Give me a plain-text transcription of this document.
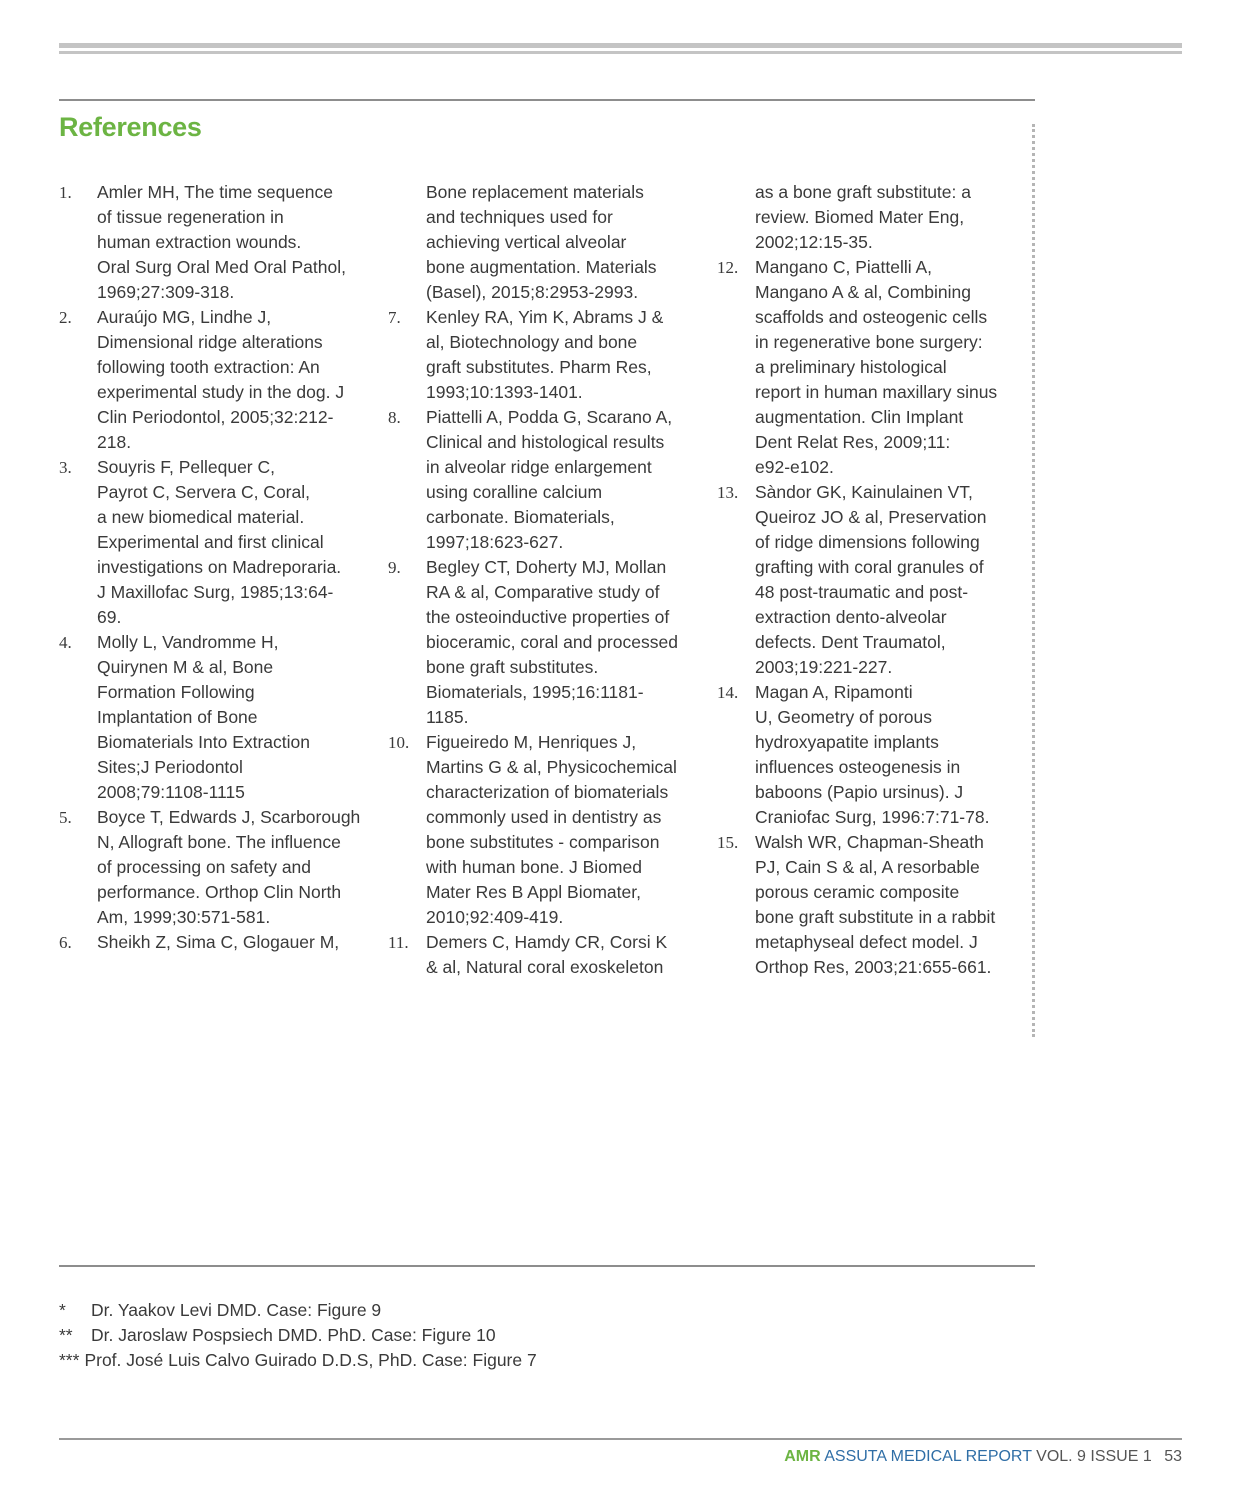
References
1. Amler MH, The time sequence
of tissue regeneration in
human extraction wounds.
Oral Surg Oral Med Oral Pathol,
1969;27:309-318.
2. Auraújo MG, Lindhe J,
Dimensional ridge alterations
following tooth extraction: An
experimental study in the dog. J
Clin Periodontol, 2005;32:212-
218.
3. Souyris F, Pellequer C,
Payrot C, Servera C, Coral,
a new biomedical material.
Experimental and first clinical
investigations on Madreporaria.
J Maxillofac Surg, 1985;13:64-
69.
4. Molly L, Vandromme H,
Quirynen M & al, Bone
Formation Following
Implantation of Bone
Biomaterials Into Extraction
Sites;J Periodontol
2008;79:1108-1115
5. Boyce T, Edwards J, Scarborough
N, Allograft bone. The influence
of processing on safety and
performance. Orthop Clin North
Am, 1999;30:571-581.
6. Sheikh Z, Sima C, Glogauer M,
Bone replacement materials
and techniques used for
achieving vertical alveolar
bone augmentation. Materials
(Basel), 2015;8:2953-2993.
7. Kenley RA, Yim K, Abrams J &
al, Biotechnology and bone
graft substitutes. Pharm Res,
1993;10:1393-1401.
8. Piattelli A, Podda G, Scarano A,
Clinical and histological results
in alveolar ridge enlargement
using coralline calcium
carbonate. Biomaterials,
1997;18:623-627.
9. Begley CT, Doherty MJ, Mollan
RA & al, Comparative study of
the osteoinductive properties of
bioceramic, coral and processed
bone graft substitutes.
Biomaterials, 1995;16:1181-
1185.
10. Figueiredo M, Henriques J,
Martins G & al, Physicochemical
characterization of biomaterials
commonly used in dentistry as
bone substitutes - comparison
with human bone. J Biomed
Mater Res B Appl Biomater,
2010;92:409-419.
11. Demers C, Hamdy CR, Corsi K
& al, Natural coral exoskeleton
as a bone graft substitute: a
review. Biomed Mater Eng,
2002;12:15-35.
12. Mangano C, Piattelli A,
Mangano A & al, Combining
scaffolds and osteogenic cells
in regenerative bone surgery:
a preliminary histological
report in human maxillary sinus
augmentation. Clin Implant
Dent Relat Res, 2009;11:
e92-e102.
13. Sàndor GK, Kainulainen VT,
Queiroz JO & al, Preservation
of ridge dimensions following
grafting with coral granules of
48 post-traumatic and post-
extraction dento-alveolar
defects. Dent Traumatol,
2003;19:221-227.
14. Magan A, Ripamonti
U, Geometry of porous
hydroxyapatite implants
influences osteogenesis in
baboons (Papio ursinus). J
Craniofac Surg, 1996:7:71-78.
15. Walsh WR, Chapman-Sheath
PJ, Cain S & al, A resorbable
porous ceramic composite
bone graft substitute in a rabbit
metaphyseal defect model. J
Orthop Res, 2003;21:655-661.
* Dr. Yaakov Levi DMD. Case: Figure 9
** Dr. Jaroslaw Pospsiech DMD. PhD. Case: Figure 10
*** Prof. José Luis Calvo Guirado D.D.S, PhD. Case: Figure 7
AMR ASSUTA MEDICAL REPORT VOL. 9 ISSUE 1 53
